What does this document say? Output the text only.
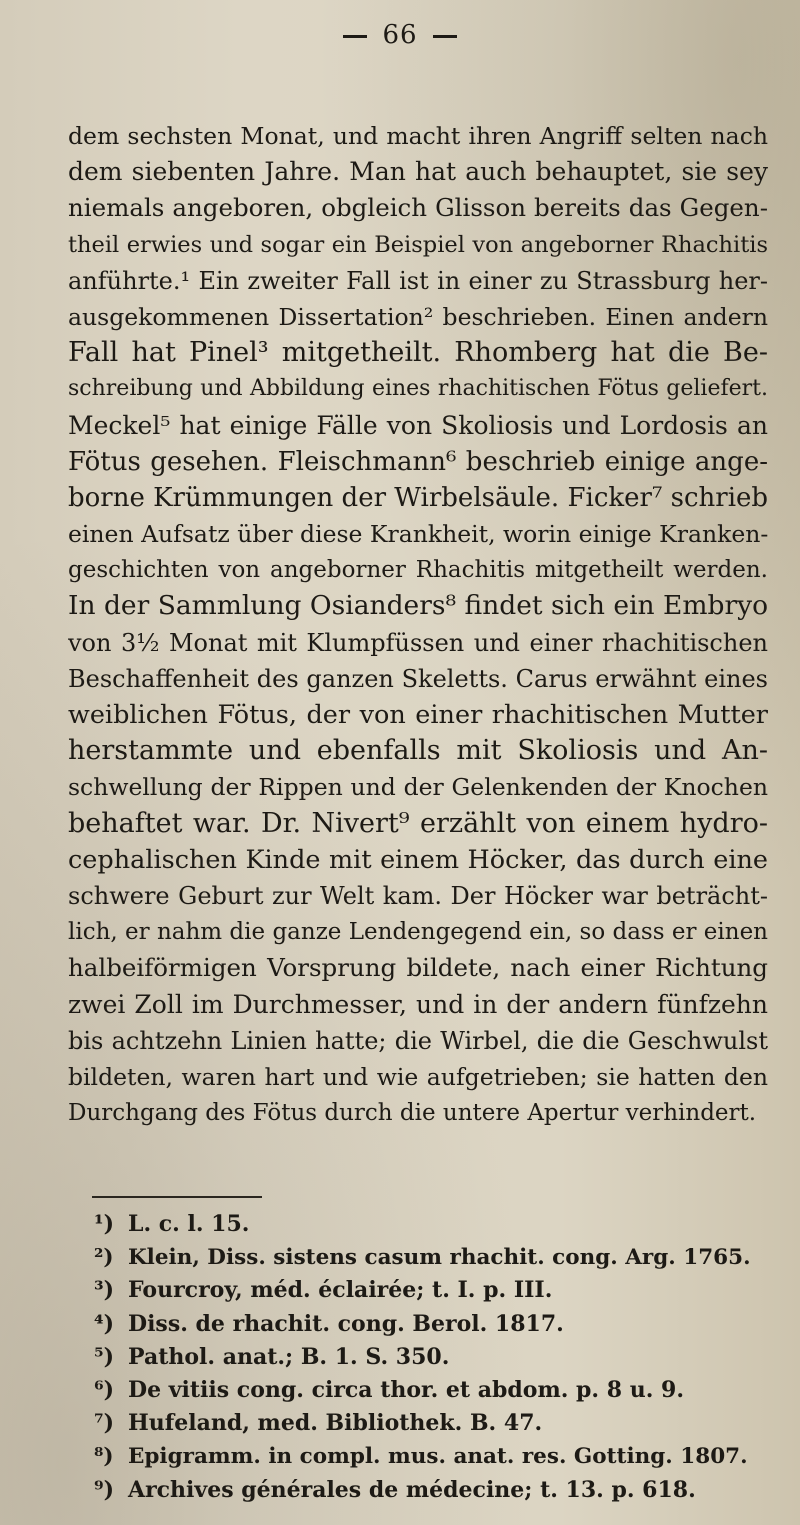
66
dem sechsten Monat, und macht ihren Angriff selten nach
dem siebenten Jahre. Man hat auch behauptet, sie sey
niemals angeboren, obgleich Glisson bereits das Gegen-
theil erwies und sogar ein Beispiel von angeborner Rhachitis
anführte.¹ Ein zweiter Fall ist in einer zu Strassburg her-
ausgekommenen Dissertation² beschrieben. Einen andern
Fall hat Pinel³ mitgetheilt. Rhomberg hat die Be-
schreibung und Abbildung eines rhachitischen Fötus geliefert.
Meckel⁵ hat einige Fälle von Skoliosis und Lordosis an
Fötus gesehen. Fleischmann⁶ beschrieb einige ange-
borne Krümmungen der Wirbelsäule. Ficker⁷ schrieb
einen Aufsatz über diese Krankheit, worin einige Kranken-
geschichten von angeborner Rhachitis mitgetheilt werden.
In der Sammlung Osianders⁸ findet sich ein Embryo
von 3½ Monat mit Klumpfüssen und einer rhachitischen
Beschaffenheit des ganzen Skeletts. Carus erwähnt eines
weiblichen Fötus, der von einer rhachitischen Mutter
herstammte und ebenfalls mit Skoliosis und An-
schwellung der Rippen und der Gelenkenden der Knochen
behaftet war. Dr. Nivert⁹ erzählt von einem hydro-
cephalischen Kinde mit einem Höcker, das durch eine
schwere Geburt zur Welt kam. Der Höcker war beträcht-
lich, er nahm die ganze Lendengegend ein, so dass er einen
halbeiförmigen Vorsprung bildete, nach einer Richtung
zwei Zoll im Durchmesser, und in der andern fünfzehn
bis achtzehn Linien hatte; die Wirbel, die die Geschwulst
bildeten, waren hart und wie aufgetrieben; sie hatten den
Durchgang des Fötus durch die untere Apertur verhindert.
¹) L. c. l. 15.
²) Klein, Diss. sistens casum rhachit. cong. Arg. 1765.
³) Fourcroy, méd. éclairée; t. I. p. III.
⁴) Diss. de rhachit. cong. Berol. 1817.
⁵) Pathol. anat.; B. 1. S. 350.
⁶) De vitiis cong. circa thor. et abdom. p. 8 u. 9.
⁷) Hufeland, med. Bibliothek. B. 47.
⁸) Epigramm. in compl. mus. anat. res. Gotting. 1807.
⁹) Archives générales de médecine; t. 13. p. 618.
